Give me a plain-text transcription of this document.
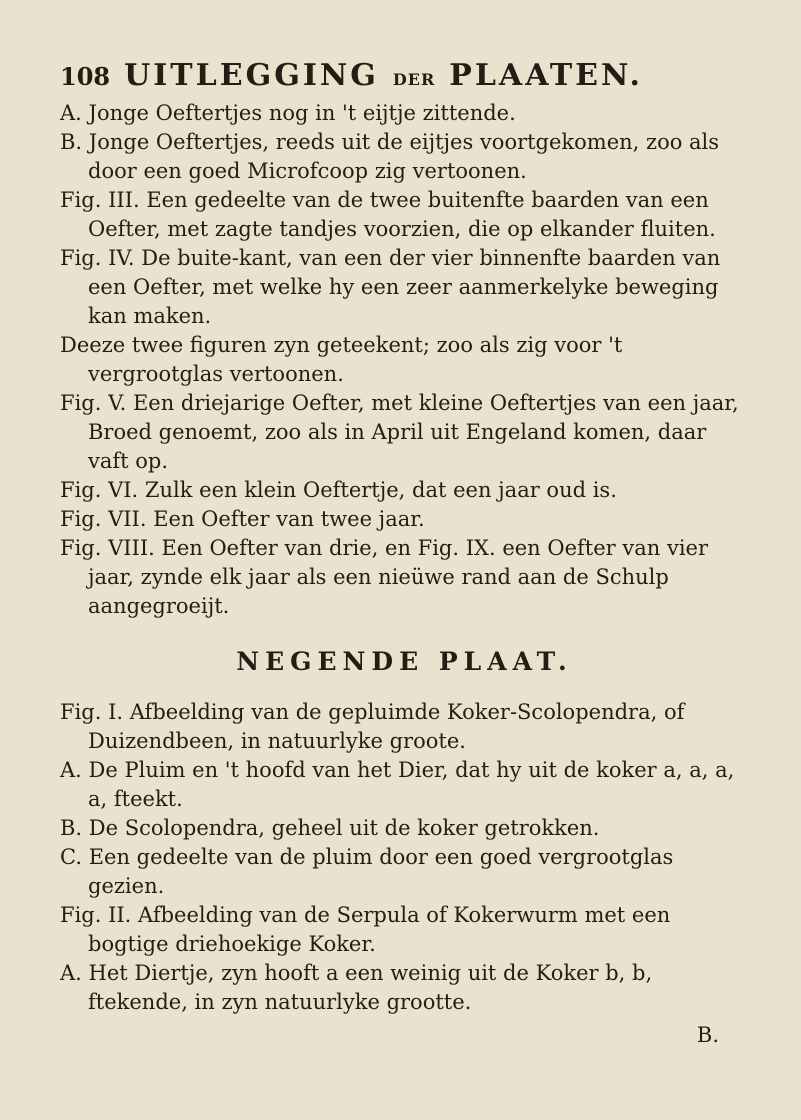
108 UITLEGGING DER PLAATEN.

A. Jonge Oeftertjes nog in 't eijtje zittende.

B. Jonge Oeftertjes, reeds uit de eijtjes voortgekomen, zoo als door een goed Microfcoop zig vertoonen.

Fig. III. Een gedeelte van de twee buitenfte baarden van een Oefter, met zagte tandjes voorzien, die op elkander fluiten.

Fig. IV. De buite-kant, van een der vier binnenfte baarden van een Oefter, met welke hy een zeer aanmerkelyke beweging kan maken.

Deeze twee figuren zyn geteekent; zoo als zig voor 't vergrootglas vertoonen.

Fig. V. Een driejarige Oefter, met kleine Oeftertjes van een jaar, Broed genoemt, zoo als in April uit Engeland komen, daar vaft op.

Fig. VI. Zulk een klein Oeftertje, dat een jaar oud is.

Fig. VII. Een Oefter van twee jaar.

Fig. VIII. Een Oefter van drie, en Fig. IX. een Oefter van vier jaar, zynde elk jaar als een nieüwe rand aan de Schulp aangegroeijt.

NEGENDE PLAAT.

Fig. I. Afbeelding van de gepluimde Koker-Scolopendra, of Duizendbeen, in natuurlyke groote.

A. De Pluim en 't hoofd van het Dier, dat hy uit de koker a, a, a, a, fteekt.

B. De Scolopendra, geheel uit de koker getrokken.

C. Een gedeelte van de pluim door een goed vergrootglas gezien.

Fig. II. Afbeelding van de Serpula of Kokerwurm met een bogtige driehoekige Koker.

A. Het Diertje, zyn hooft a een weinig uit de Koker b, b, ftekende, in zyn natuurlyke grootte.

B.
